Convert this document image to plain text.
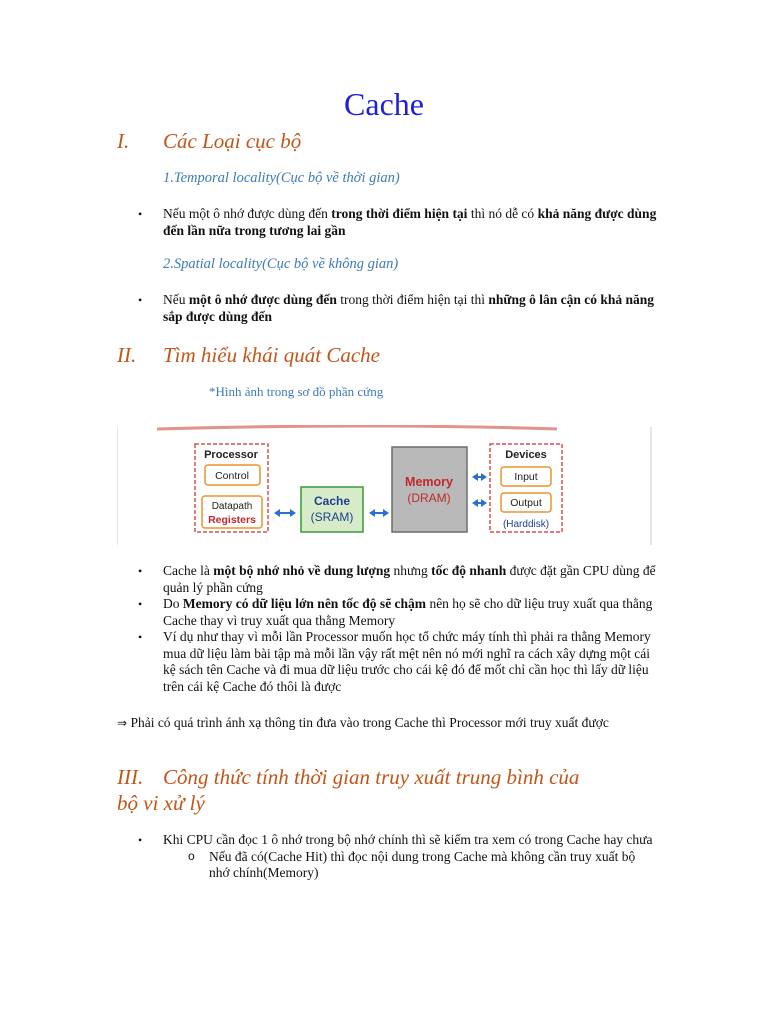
Cache
I. Các Loại cục bộ

1.Temporal locality(Cục bộ về thời gian)

• Nếu một ô nhớ được dùng đến trong thời điểm hiện tại thì nó dễ có khả năng được dùng đến lần nữa trong tương lai gần

2.Spatial locality(Cục bộ về không gian)

• Nếu một ô nhớ được dùng đến trong thời điểm hiện tại thì những ô lân cận có khả năng sắp được dùng đến
II. Tìm hiểu khái quát Cache

*Hình ảnh trong sơ đồ phần cứng

Processor
Control
Datapath
Registers
Cache
(SRAM)
Memory
(DRAM)
Devices
Input
Output
(Harddisk)
• Cache là một bộ nhớ nhỏ về dung lượng nhưng tốc độ nhanh được đặt gần CPU dùng để quản lý phần cứng
• Do Memory có dữ liệu lớn nên tốc độ sẽ chậm nên họ sẽ cho dữ liệu truy xuất qua thằng Cache thay vì truy xuất qua thằng Memory
• Ví dụ như thay vì mỗi lần Processor muốn học tổ chức máy tính thì phải ra thằng Memory mua dữ liệu làm bài tập mà mỗi lần vậy rất mệt nên nó mới nghĩ ra cách xây dựng một cái kệ sách tên Cache và đi mua dữ liệu trước cho cái kệ đó để mốt chỉ cần học thì lấy dữ liệu trên cái kệ Cache đó thôi là được

⇒ Phải có quá trình ánh xạ thông tin đưa vào trong Cache thì Processor mới truy xuất được

III. Công thức tính thời gian truy xuất trung bình của
bộ vi xử lý
• Khi CPU cần đọc 1 ô nhớ trong bộ nhớ chính thì sẽ kiểm tra xem có trong Cache hay chưa
o Nếu đã có(Cache Hit) thì đọc nội dung trong Cache mà không cần truy xuất bộ nhớ chính(Memory)
